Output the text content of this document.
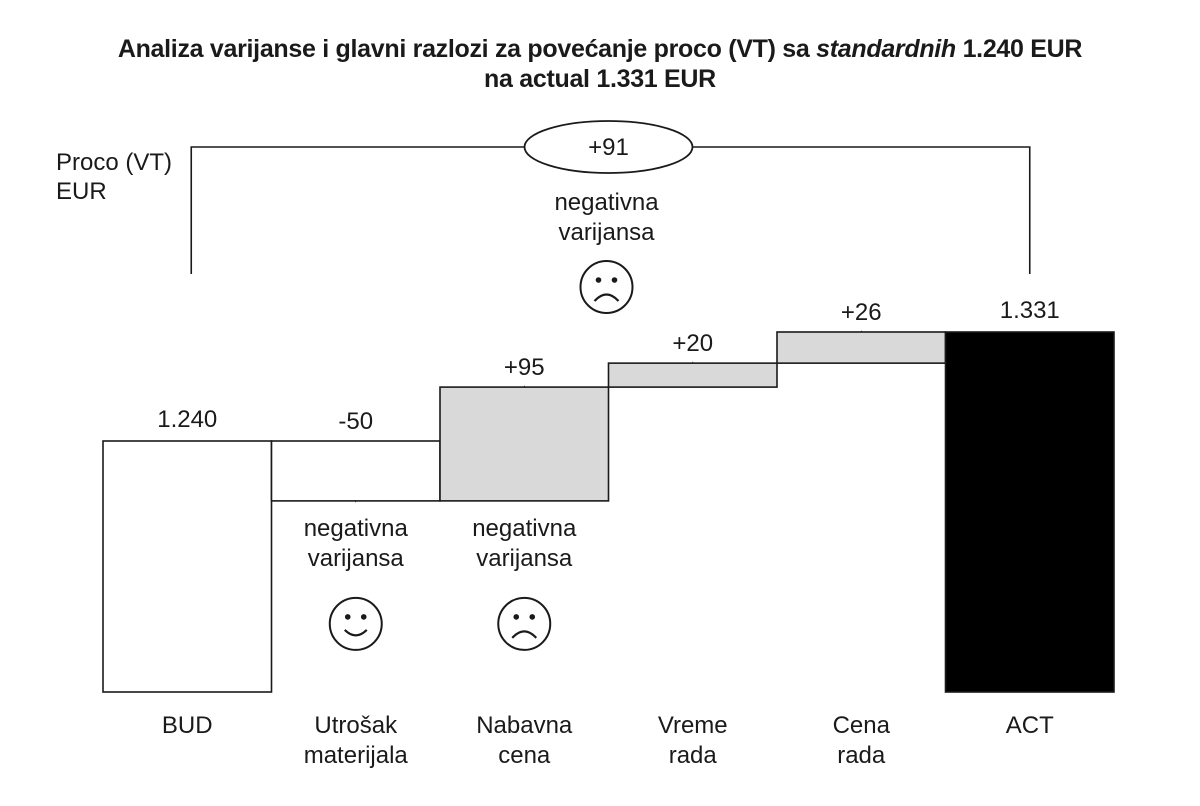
Analiza varijanse i glavni razlozi za povećanje proco (VT) sa standardnih 1.240 EUR
na actual 1.331 EUR
Proco (VT)
EUR
1.240
BUD
-50
Utrošak
materijala
negativna
varijansa
+95
Nabavna
cena
negativna
varijansa
+20
Vreme
rada
+26
Cena
rada
1.331
ACT
+91
negativna
varijansa
